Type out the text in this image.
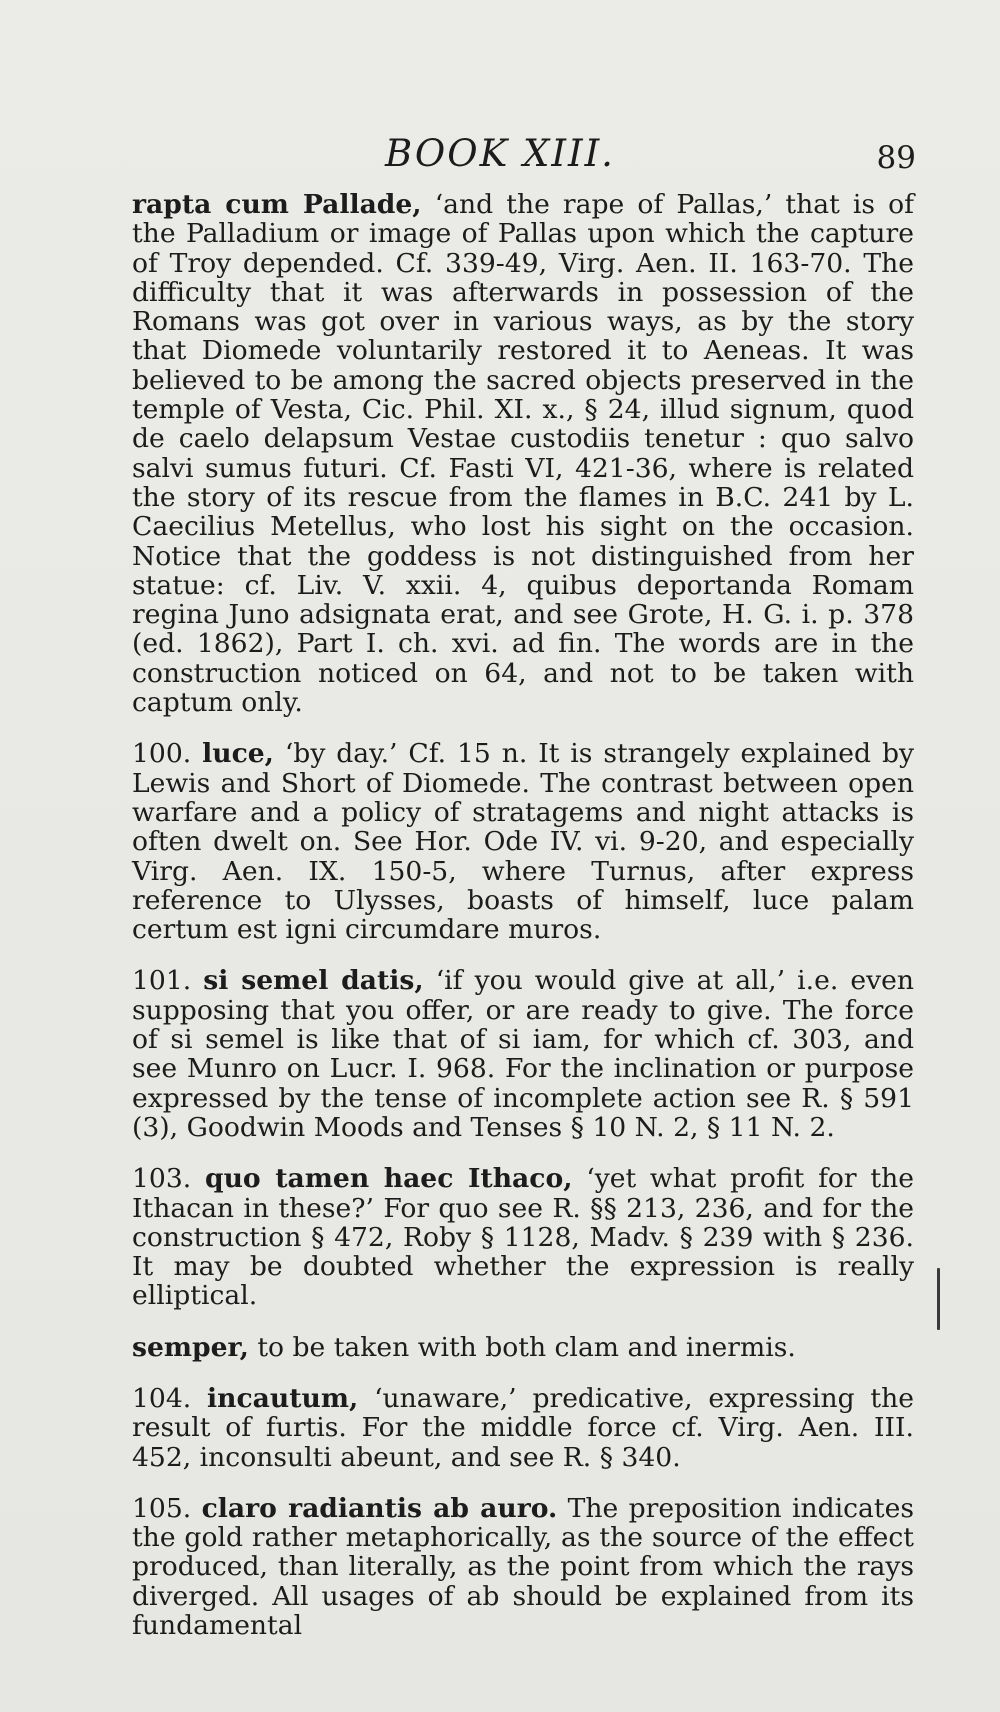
BOOK XIII.	89

rapta cum Pallade, ‘and the rape of Pallas,’ that is of the Palladium or image of Pallas upon which the capture of Troy depended. Cf. 339-49, Virg. Aen. II. 163-70. The difficulty that it was afterwards in possession of the Romans was got over in various ways, as by the story that Diomede voluntarily restored it to Aeneas. It was believed to be among the sacred objects preserved in the temple of Vesta, Cic. Phil. XI. x., § 24, illud signum, quod de caelo delapsum Vestae custodiis tenetur : quo salvo salvi sumus futuri. Cf. Fasti VI, 421-36, where is related the story of its rescue from the flames in B.C. 241 by L. Caecilius Metellus, who lost his sight on the occasion. Notice that the goddess is not distinguished from her statue: cf. Liv. V. xxii. 4, quibus deportanda Romam regina Juno adsignata erat, and see Grote, H. G. i. p. 378 (ed. 1862), Part I. ch. xvi. ad fin. The words are in the construction noticed on 64, and not to be taken with captum only.

100. luce, ‘by day.’ Cf. 15 n. It is strangely explained by Lewis and Short of Diomede. The contrast between open warfare and a policy of stratagems and night attacks is often dwelt on. See Hor. Ode IV. vi. 9-20, and especially Virg. Aen. IX. 150-5, where Turnus, after express reference to Ulysses, boasts of himself, luce palam certum est igni circumdare muros.

101. si semel datis, ‘if you would give at all,’ i.e. even supposing that you offer, or are ready to give. The force of si semel is like that of si iam, for which cf. 303, and see Munro on Lucr. I. 968. For the inclination or purpose expressed by the tense of incomplete action see R. § 591 (3), Goodwin Moods and Tenses § 10 N. 2, § 11 N. 2.

103. quo tamen haec Ithaco, ‘yet what profit for the Ithacan in these?’ For quo see R. §§ 213, 236, and for the construction § 472, Roby § 1128, Madv. § 239 with § 236. It may be doubted whether the expression is really elliptical.

semper, to be taken with both clam and inermis.

104. incautum, ‘unaware,’ predicative, expressing the result of furtis. For the middle force cf. Virg. Aen. III. 452, inconsulti abeunt, and see R. § 340.

105. claro radiantis ab auro. The preposition indicates the gold rather metaphorically, as the source of the effect produced, than literally, as the point from which the rays diverged. All usages of ab should be explained from its fundamental
